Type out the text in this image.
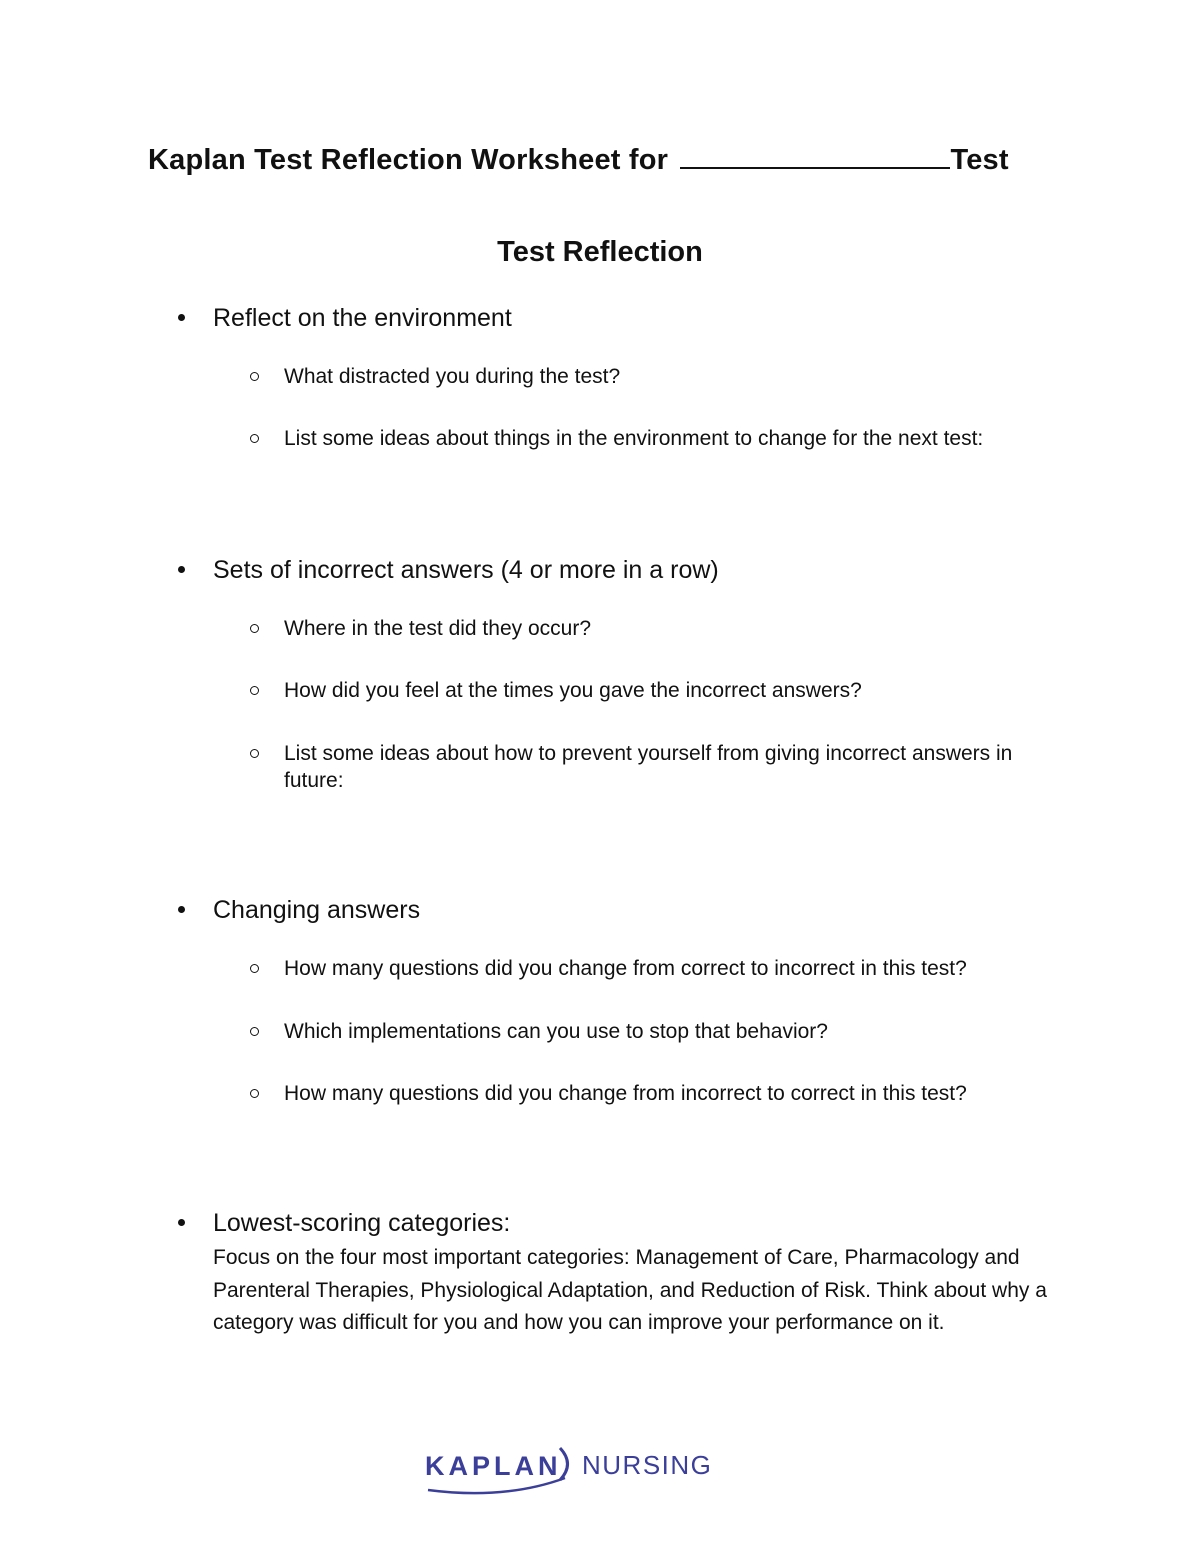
Kaplan Test Reflection Worksheet for	Test
Test Reflection
Reflect on the environment
What distracted you during the test?
List some ideas about things in the environment to change for the next test:
Sets of incorrect answers (4 or more in a row)
Where in the test did they occur?
How did you feel at the times you gave the incorrect answers?
List some ideas about how to prevent yourself from giving incorrect answers in future:
Changing answers
How many questions did you change from correct to incorrect in this test?
Which implementations can you use to stop that behavior?
How many questions did you change from incorrect to correct in this test?
Lowest-scoring categories:
Focus on the four most important categories: Management of Care, Pharmacology and Parenteral Therapies, Physiological Adaptation, and Reduction of Risk. Think about why a category was difficult for you and how you can improve your performance on it.
KAPLAN NURSING
